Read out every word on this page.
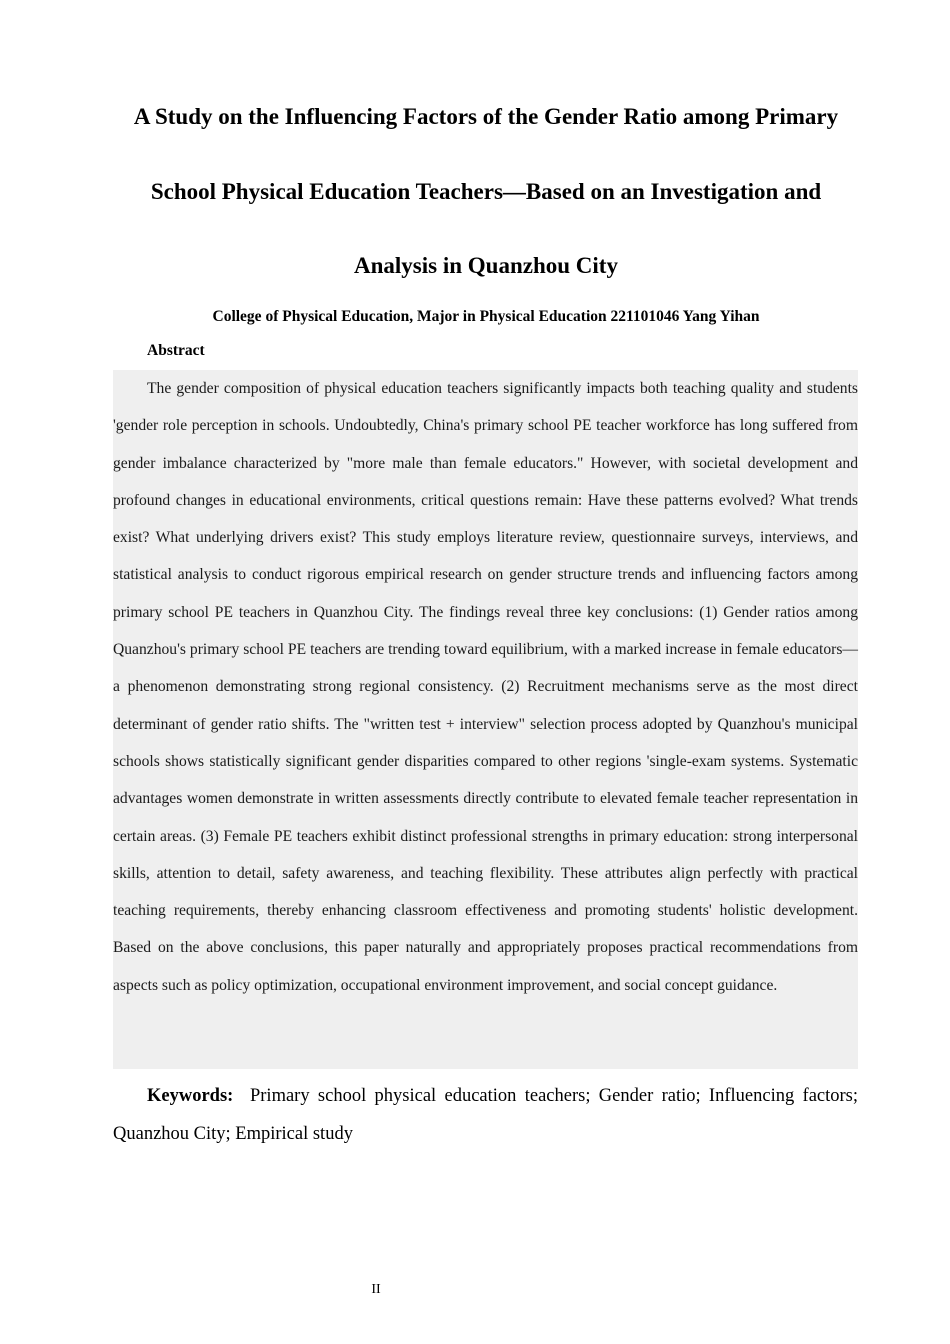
A Study on the Influencing Factors of the Gender Ratio among Primary
School Physical Education Teachers—Based on an Investigation and
Analysis in Quanzhou City
College of Physical Education, Major in Physical Education 221101046 Yang Yihan
Abstract

The gender composition of physical education teachers significantly impacts both teaching quality and students 'gender role perception in schools. Undoubtedly, China's primary school PE teacher workforce has long suffered from gender imbalance characterized by "more male than female educators." However, with societal development and profound changes in educational environments, critical questions remain: Have these patterns evolved? What trends exist? What underlying drivers exist? This study employs literature review, questionnaire surveys, interviews, and statistical analysis to conduct rigorous empirical research on gender structure trends and influencing factors among primary school PE teachers in Quanzhou City. The findings reveal three key conclusions: (1) Gender ratios among Quanzhou's primary school PE teachers are trending toward equilibrium, with a marked increase in female educators—a phenomenon demonstrating strong regional consistency. (2) Recruitment mechanisms serve as the most direct determinant of gender ratio shifts. The "written test + interview" selection process adopted by Quanzhou's municipal schools shows statistically significant gender disparities compared to other regions 'single-exam systems. Systematic advantages women demonstrate in written assessments directly contribute to elevated female teacher representation in certain areas. (3) Female PE teachers exhibit distinct professional strengths in primary education: strong interpersonal skills, attention to detail, safety awareness, and teaching flexibility. These attributes align perfectly with practical teaching requirements, thereby enhancing classroom effectiveness and promoting students' holistic development. Based on the above conclusions, this paper naturally and appropriately proposes practical recommendations from aspects such as policy optimization, occupational environment improvement, and social concept guidance.

Keywords: Primary school physical education teachers; Gender ratio; Influencing factors; Quanzhou City; Empirical study
II
